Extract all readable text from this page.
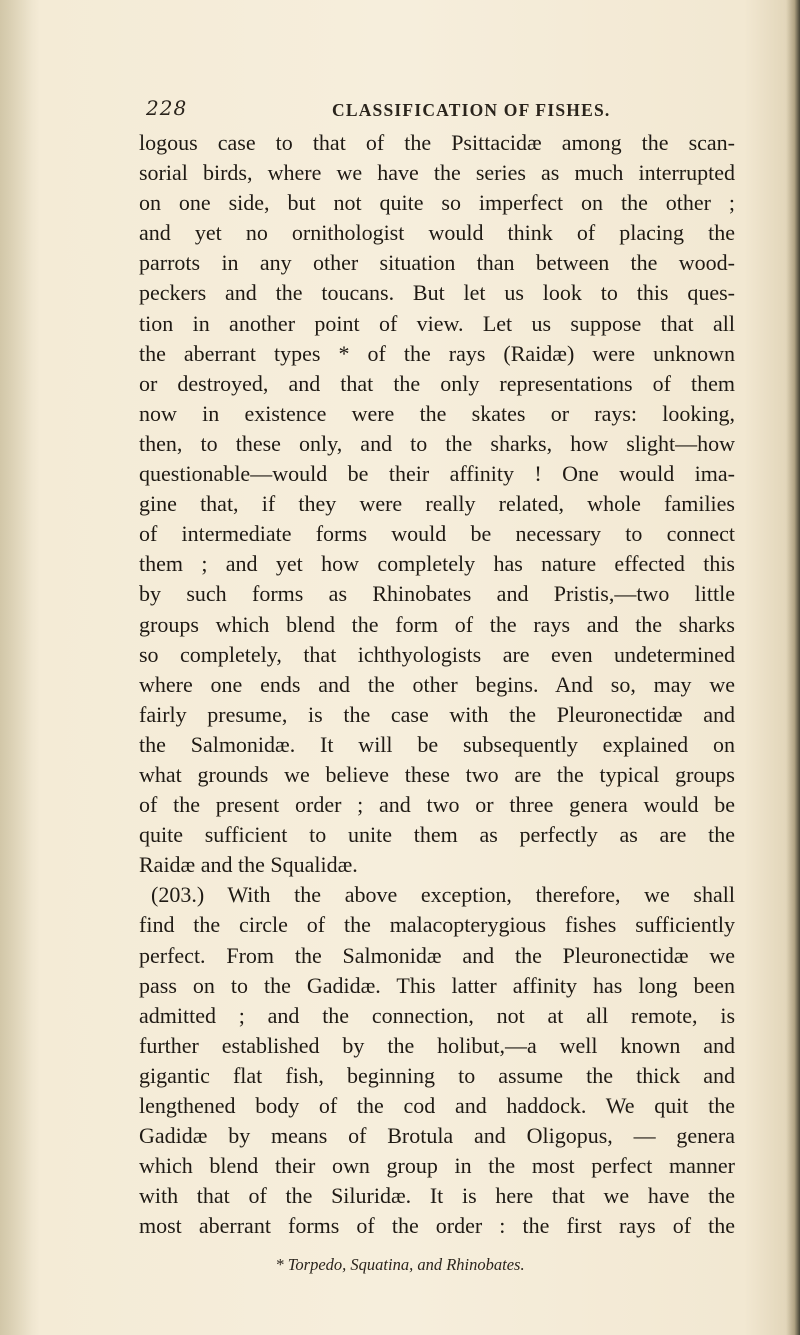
228	CLASSIFICATION OF FISHES.
logous case to that of the Psittacidæ among the scan-
sorial birds, where we have the series as much interrupted
on one side, but not quite so imperfect on the other ;
and yet no ornithologist would think of placing the
parrots in any other situation than between the wood-
peckers and the toucans. But let us look to this ques-
tion in another point of view. Let us suppose that all
the aberrant types * of the rays (Raidæ) were unknown
or destroyed, and that the only representations of them
now in existence were the skates or rays: looking,
then, to these only, and to the sharks, how slight—how
questionable—would be their affinity ! One would ima-
gine that, if they were really related, whole families
of intermediate forms would be necessary to connect
them ; and yet how completely has nature effected this
by such forms as Rhinobates and Pristis,—two little
groups which blend the form of the rays and the sharks
so completely, that ichthyologists are even undetermined
where one ends and the other begins. And so, may we
fairly presume, is the case with the Pleuronectidæ and
the Salmonidæ. It will be subsequently explained on
what grounds we believe these two are the typical groups
of the present order ; and two or three genera would be
quite sufficient to unite them as perfectly as are the
Raidæ and the Squalidæ.
(203.) With the above exception, therefore, we shall
find the circle of the malacopterygious fishes sufficiently
perfect. From the Salmonidæ and the Pleuronectidæ we
pass on to the Gadidæ. This latter affinity has long been
admitted ; and the connection, not at all remote, is
further established by the holibut,—a well known and
gigantic flat fish, beginning to assume the thick and
lengthened body of the cod and haddock. We quit the
Gadidæ by means of Brotula and Oligopus, — genera
which blend their own group in the most perfect manner
with that of the Siluridæ. It is here that we have the
most aberrant forms of the order : the first rays of the
* Torpedo, Squatina, and Rhinobates.
